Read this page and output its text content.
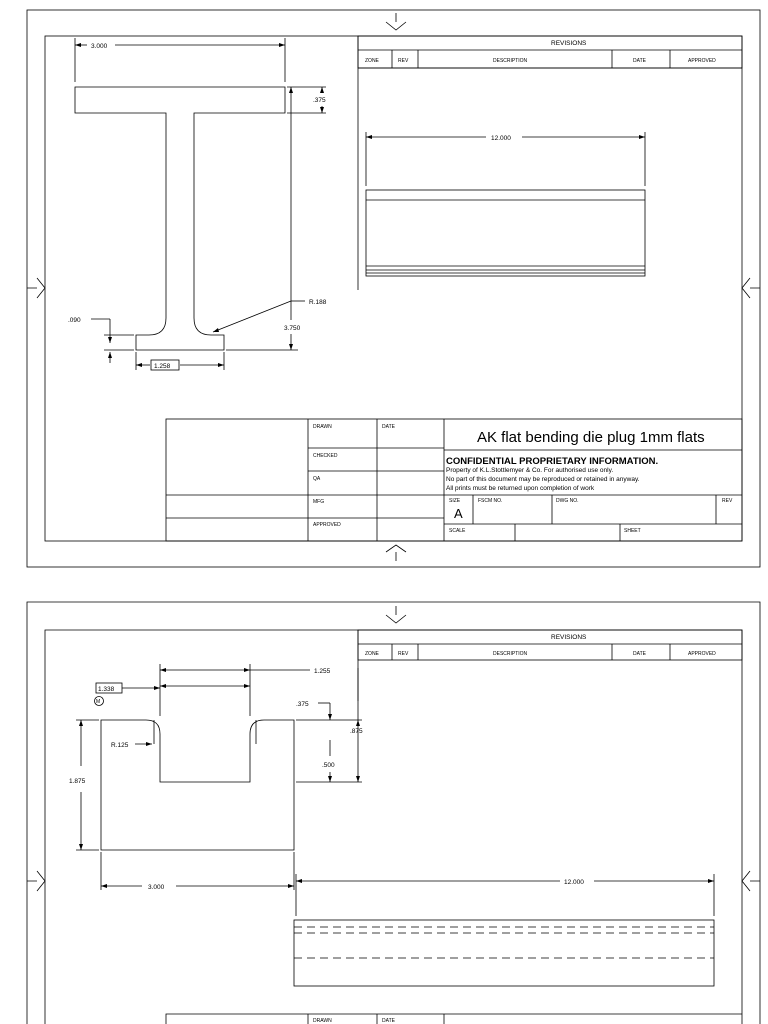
REVISIONS
ZONE	REV	DESCRIPTION	DATE	APPROVED
3.000
.375
3.750
R.188
.090
1.258
12.000
DRAWN	DATE
CHECKED
QA
MFG
APPROVED
AK flat bending die plug 1mm flats
CONFIDENTIAL PROPRIETARY INFORMATION.
Property of K.L.Stottlemyer & Co. For authorised use only.
No part of this document may be reproduced or retained in anyway.
All prints must be returned upon completion of work
SIZE
A
FSCM NO.	DWG NO.	REV
SCALE	SHEET
REVISIONS
ZONE	REV	DESCRIPTION	DATE	APPROVED
1.255
1.338
M	.375
.875
.500
R.125
1.875
3.000
12.000
DRAWN	DATE
